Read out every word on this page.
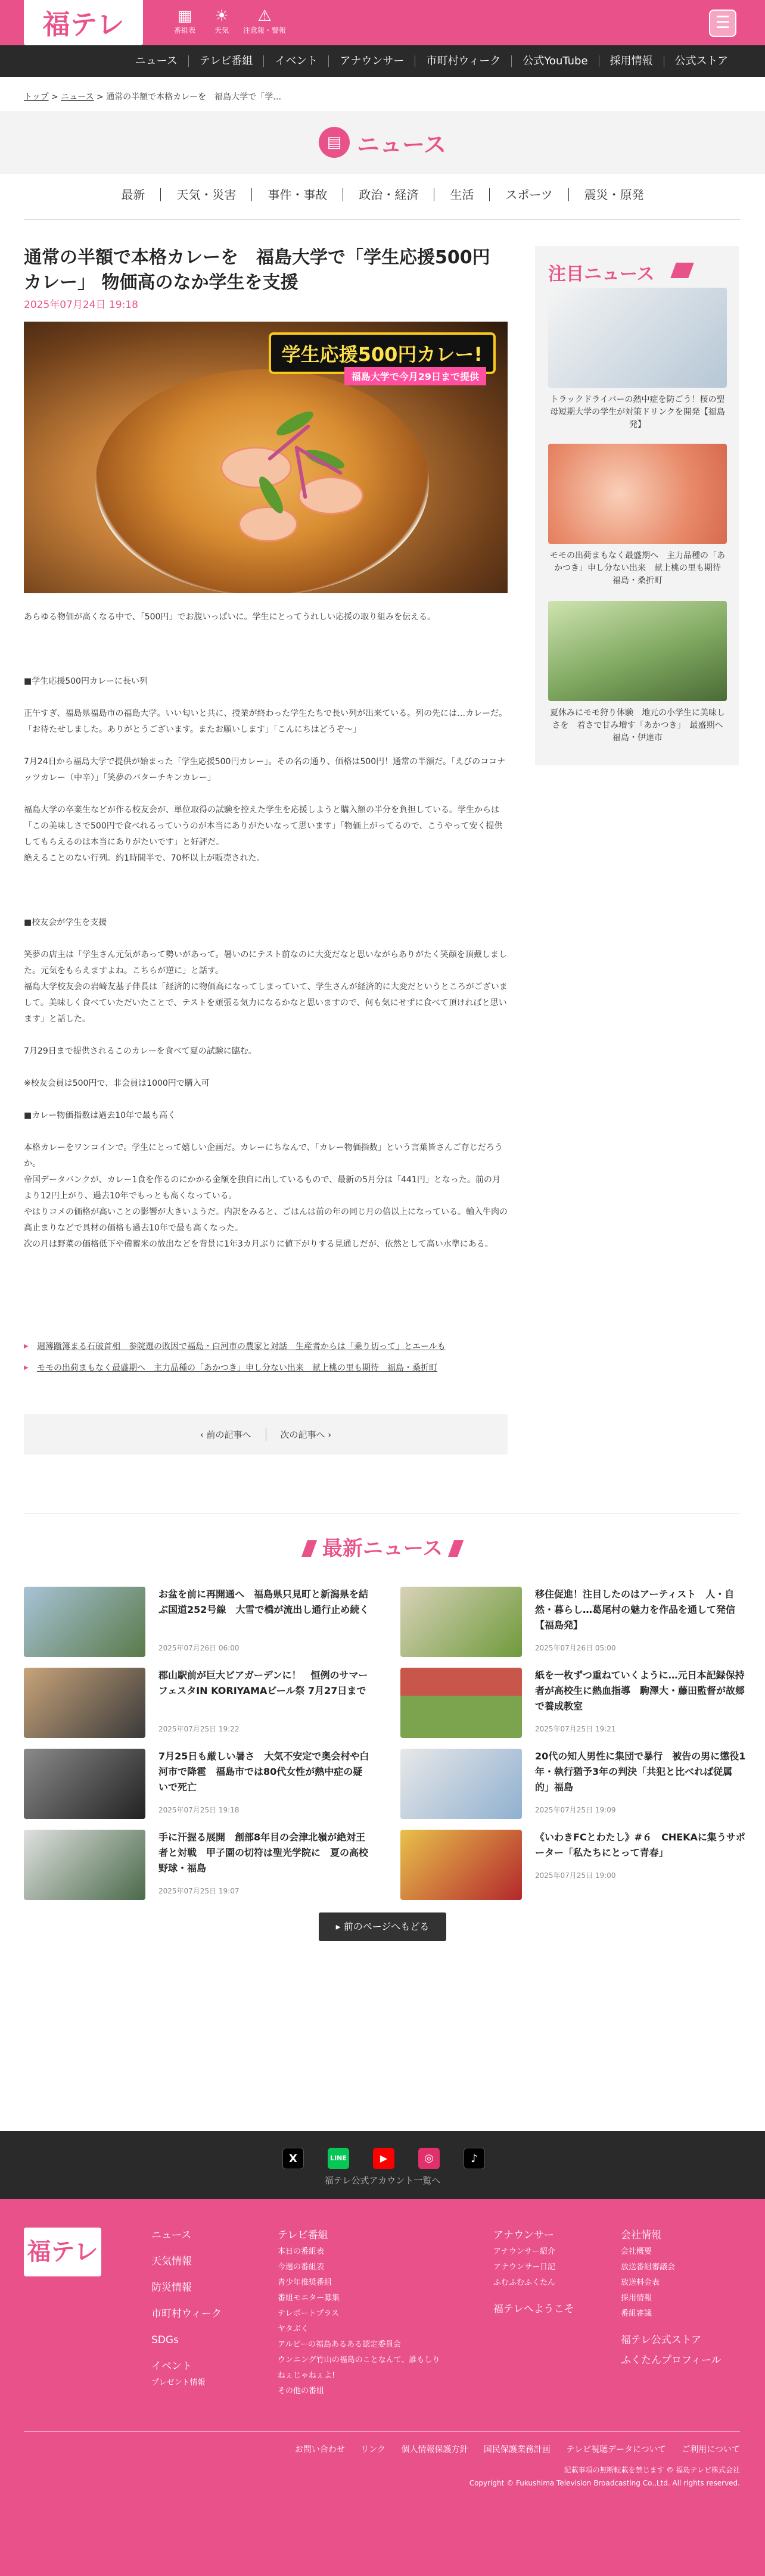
福テレ	▦
番組表
☀
天気
⚠
注意報・警報	☰
ニュース	テレビ番組	イベント	アナウンサー	市町村ウィーク	公式YouTube	採用情報	公式ストア
トップ > ニュース > 通常の半額で本格カレーを　福島大学で「学…
▤ ニュース
最新	天気・災害	事件・事故	政治・経済	生活	スポーツ	震災・原発
通常の半額で本格カレーを　福島大学で「学生応援500円カレー」 物価高のなか学生を支援
2025年07月24日 19:18
学生応援500円カレー!
福島大学で今月29日まで提供

あらゆる物価が高くなる中で、「500円」でお腹いっぱいに。学生にとってうれしい応援の取り組みを伝える。

■学生応援500円カレーに長い列

正午すぎ、福島県福島市の福島大学。いい匂いと共に、授業が終わった学生たちで長い列が出来ている。列の先には…カレーだ。
「お待たせしました。ありがとうございます。またお願いします」「こんにちはどうぞ～」

7月24日から福島大学で提供が始まった「学生応援500円カレー」。その名の通り、価格は500円！通常の半額だ。「えびのココナッツカレー（中辛）」「笑夢のバターチキンカレー」

福島大学の卒業生などが作る校友会が、単位取得の試験を控えた学生を応援しようと購入額の半分を負担している。学生からは「この美味しさで500円で食べれるっていうのが本当にありがたいなって思います」「物価上がってるので、こうやって安く提供してもらえるのは本当にありがたいです」と好評だ。
絶えることのない行列。約1時間半で、70杯以上が販売された。

■校友会が学生を支援

笑夢の店主は「学生さん元気があって勢いがあって。暑いのにテスト前なのに大変だなと思いながらありがたく笑顔を頂戴しました。元気をもらえますよね。こちらが逆に」と話す。
福島大学校友会の岩崎友基子伴長は「経済的に物価高になってしまっていて、学生さんが経済的に大変だというところがございまして。美味しく食べていただいたことで、テストを頑張る気力になるかなと思いますので、何も気にせずに食べて頂ければと思います」と話した。

7月29日まで提供されるこのカレーを食べて夏の試験に臨む。

※校友会員は500円で、非会員は1000円で購入可

■カレー物価指数は過去10年で最も高く

本格カレーをワンコインで。学生にとって嬉しい企画だ。カレーにちなんで、「カレー物価指数」という言葉皆さんご存じだろうか。
帝国データバンクが、カレー1食を作るのにかかる金額を独自に出しているもので、最新の5月分は「441円」となった。前の月より12円上がり、過去10年でもっとも高くなっている。
やはりコメの価格が高いことの影響が大きいようだ。内訳をみると、ごはんは前の年の同じ月の倍以上になっている。輸入牛肉の高止まりなどで具材の価格も過去10年で最も高くなった。
次の月は野菜の価格低下や備蓄米の放出などを背景に1年3カ月ぶりに値下がりする見通しだが、依然として高い水準にある。

▶ 週簿蹴簿まる石破首相　参院選の敗因で福島・白河市の農家と対話　生産者からは「乗り切って」とエールも
▶ モモの出荷まもなく最盛期へ　主力品種の「あかつき」申し分ない出来　献上桃の里も期待　福島・桑折町
‹ 前の記事へ	次の記事へ ›
注目ニュース
トラックドライバーの熱中症を防ごう！桜の聖母短期大学の学生が対策ドリンクを開発【福島発】
モモの出荷まもなく最盛期へ　主力品種の「あかつき」申し分ない出来　献上桃の里も期待　福島・桑折町
夏休みにモモ狩り体験　地元の小学生に美味しさを　着さで甘み増す「あかつき」　最盛期へ　福島・伊達市
最新ニュース
お盆を前に再開通へ　福島県只見町と新潟県を結ぶ国道252号線　大雪で橋が流出し通行止め続く
2025年07月26日 06:00
移住促進！注目したのはアーティスト　人・自然・暮らし…葛尾村の魅力を作品を通して発信【福島発】
2025年07月26日 05:00
郡山駅前が巨大ビアガーデンに！　恒例のサマーフェスタIN KORIYAMAビール祭 7月27日まで
2025年07月25日 19:22
紙を一枚ずつ重ねていくように…元日本記録保持者が高校生に熱血指導　駒澤大・藤田監督が故郷で養成教室
2025年07月25日 19:21
7月25日も厳しい暑さ　大気不安定で奥会村や白河市で降雹　福島市では80代女性が熱中症の疑いで死亡
2025年07月25日 19:18
20代の知人男性に集団で暴行　被告の男に懲役1年・執行猶予3年の判決「共犯と比べれば従属的」福島
2025年07月25日 19:09
手に汗握る展開　創部8年目の会津北嶺が絶対王者と対戦　甲子園の切符は聖光学院に　夏の高校野球・福島
2025年07月25日 19:07
《いわきFCとわたし》#６　CHEKAに集うサポーター「私たちにとって青春」
2025年07月25日 19:00
▸ 前のページへもどる
X	LINE	▶	◎	♪
福テレ公式アカウント一覧へ
福テレ
ニュース
天気情報
防災情報
市町村ウィーク
SDGs
イベント
プレゼント情報
テレビ番組
本日の番組表
今週の番組表
青少年推奨番組
番組モニター募集
テレポートプラス
ヤタぶく
アルビーの福島あるある認定委員会
ウンニング竹山の福島のことなんて、誰もしりねぇじゃねぇよ!
その他の番組
アナウンサー
アナウンサー紹介
アナウンサー日記
ふむふむふくたん
福テレへようこそ
会社情報
会社概要
放送番組審議会
放送料金表
採用情報
番組審議
福テレ公式ストア
ふくたんプロフィール
お問い合わせ リンク 個人情報保護方針 国民保護業務計画 テレビ視聴データについて ご利用について
記載事項の無断転載を禁じます © 福島テレビ株式会社
Copyright © Fukushima Television Broadcasting Co.,Ltd. All rights reserved.
